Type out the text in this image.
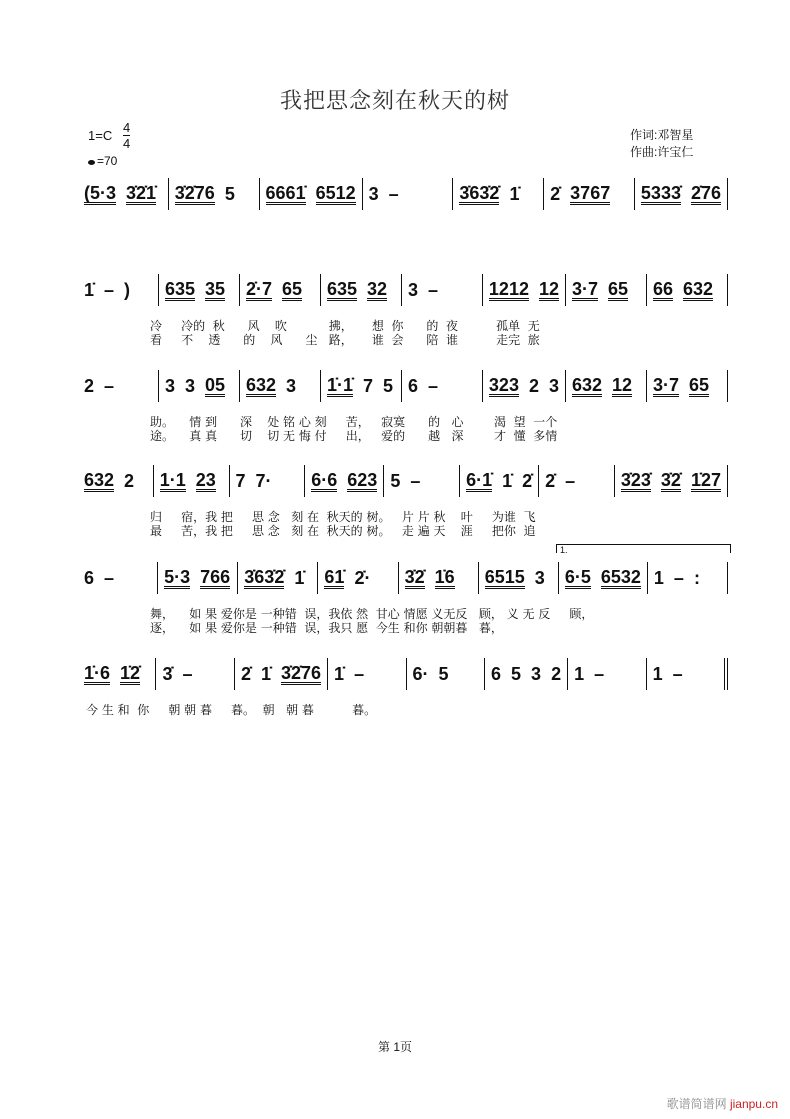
我把思念刻在秋天的树
1=C
4
4
=70
作词:邓智星
作曲:许宝仁
(5·3 3̇2̇1̇ 3̇2̇76 5 6661̇ 6512 3 –	3̇63̇2̇ 1̇ 2̇ 3767 5333̇ 2̇76
1̇ – ) 635 35 2̇·7 65 635 32 3 –	1212 12 3·7 65 66 632
冷     冷的  秋      风    吹           拂，     想  你      的  夜          孤单  无
看     不    透      的    风      尘   路，     谁  会      陪  谁          走完  旅
2 –	3 3 05 632 3 1̇·1̇ 7 5 6 –	323 2 3 632 12 3·7 65
助。    情 到      深    处 铭 心 刻     苦，   寂寞      的   心        渴  望  一个
途。    真 真      切    切 无 悔 付     出，   爱的      越   深        才  懂  多情
632 2 1·1 23 7 7· 6·6 623 5 –	6·1̇ 1̇ 2̇ 2̇ –	3̇23̇ 3̇2̇ 1̇27
归     宿，我 把     思 念   刻 在  秋天的 树。   片 片 秋    叶     为谁  飞
最     苦，我 把     思 念   刻 在  秋天的 树。   走 遍 天    涯     把你  追
6 –	5·3 766 3̇63̇2̇ 1̇ 61̇ 2̇· 3̇2̇ 1̇6 6515 3 6·5 6532 1 – :
舞，    如 果 爱你是 一种错  误，我依 然  甘心 情愿 义无反   顾， 义 无 反     顾，
逐，    如 果 爱你是 一种错  误，我只 愿  今生 和你 朝朝暮   暮，
1̇·6 1̇2̇ 3̇ –	2̇ 1̇ 3̇2̇76 1̇ –	6· 5 6 5 3 2 1 –	1 –
今 生 和  你     朝 朝 暮     暮。  朝   朝 暮          暮。
1.
第 1页
歌谱简谱网 jianpu.cn
